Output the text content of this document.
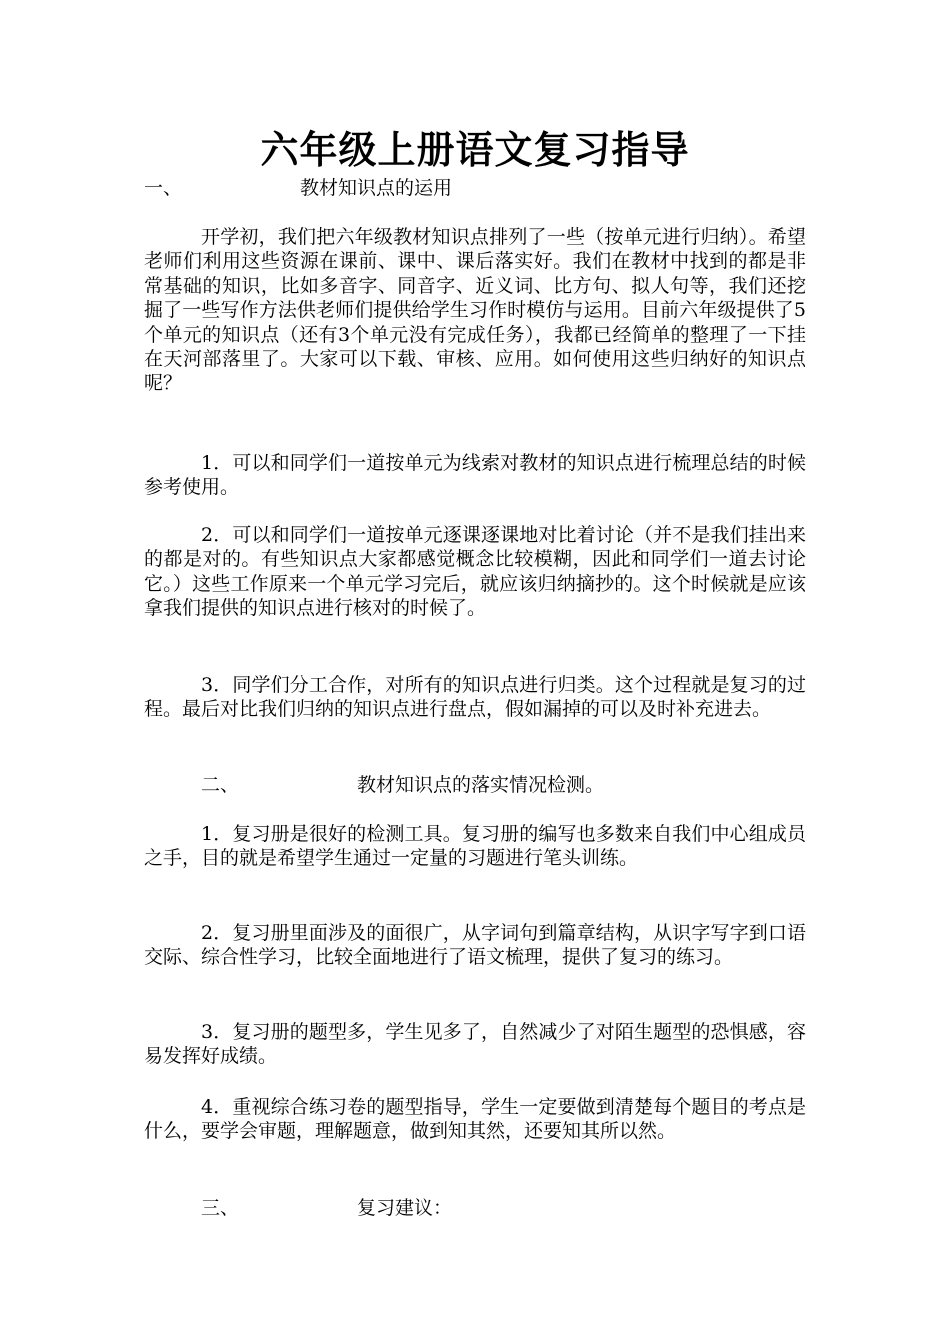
六年级上册语文复习指导
一、	教材知识点的运用

开学初，我们把六年级教材知识点排列了一些（按单元进行归纳）。希望老师们利用这些资源在课前、课中、课后落实好。我们在教材中找到的都是非常基础的知识，比如多音字、同音字、近义词、比方句、拟人句等，我们还挖掘了一些写作方法供老师们提供给学生习作时模仿与运用。目前六年级提供了5个单元的知识点（还有3个单元没有完成任务），我都已经简单的整理了一下挂在天河部落里了。大家可以下载、审核、应用。如何使用这些归纳好的知识点呢？

1．可以和同学们一道按单元为线索对教材的知识点进行梳理总结的时候参考使用。

2．可以和同学们一道按单元逐课逐课地对比着讨论（并不是我们挂出来的都是对的。有些知识点大家都感觉概念比较模糊，因此和同学们一道去讨论它。）这些工作原来一个单元学习完后，就应该归纳摘抄的。这个时候就是应该拿我们提供的知识点进行核对的时候了。

3．同学们分工合作，对所有的知识点进行归类。这个过程就是复习的过程。最后对比我们归纳的知识点进行盘点，假如漏掉的可以及时补充进去。

二、	教材知识点的落实情况检测。

1．复习册是很好的检测工具。复习册的编写也多数来自我们中心组成员之手，目的就是希望学生通过一定量的习题进行笔头训练。

2．复习册里面涉及的面很广，从字词句到篇章结构，从识字写字到口语交际、综合性学习，比较全面地进行了语文梳理，提供了复习的练习。

3．复习册的题型多，学生见多了，自然减少了对陌生题型的恐惧感，容易发挥好成绩。

4．重视综合练习卷的题型指导，学生一定要做到清楚每个题目的考点是什么，要学会审题，理解题意，做到知其然，还要知其所以然。

三、	复习建议：
